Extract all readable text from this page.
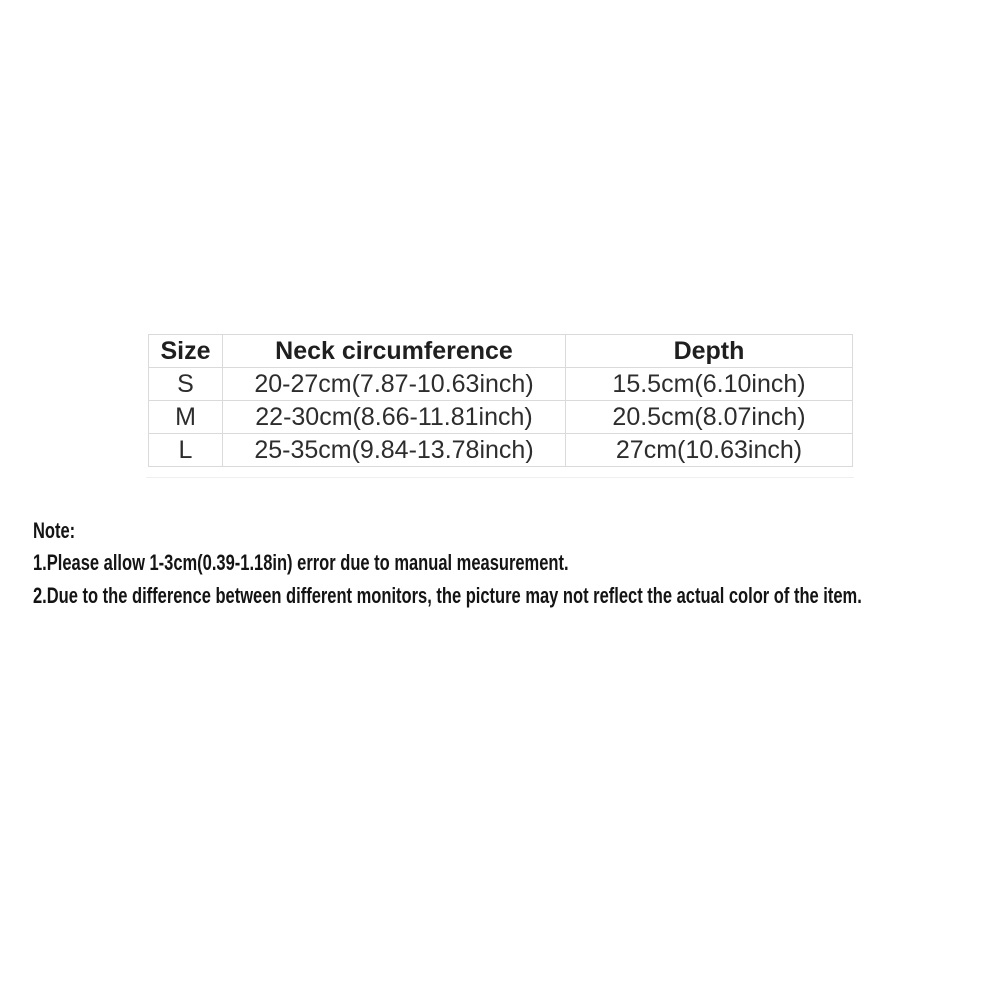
Size	Neck circumference	Depth
S	20-27cm(7.87-10.63inch)	15.5cm(6.10inch)
M	22-30cm(8.66-11.81inch)	20.5cm(8.07inch)
L	25-35cm(9.84-13.78inch)	27cm(10.63inch)
Note:
1.Please allow 1-3cm(0.39-1.18in) error due to manual measurement.
2.Due to the difference between different monitors, the picture may not reflect the actual color of the item.
